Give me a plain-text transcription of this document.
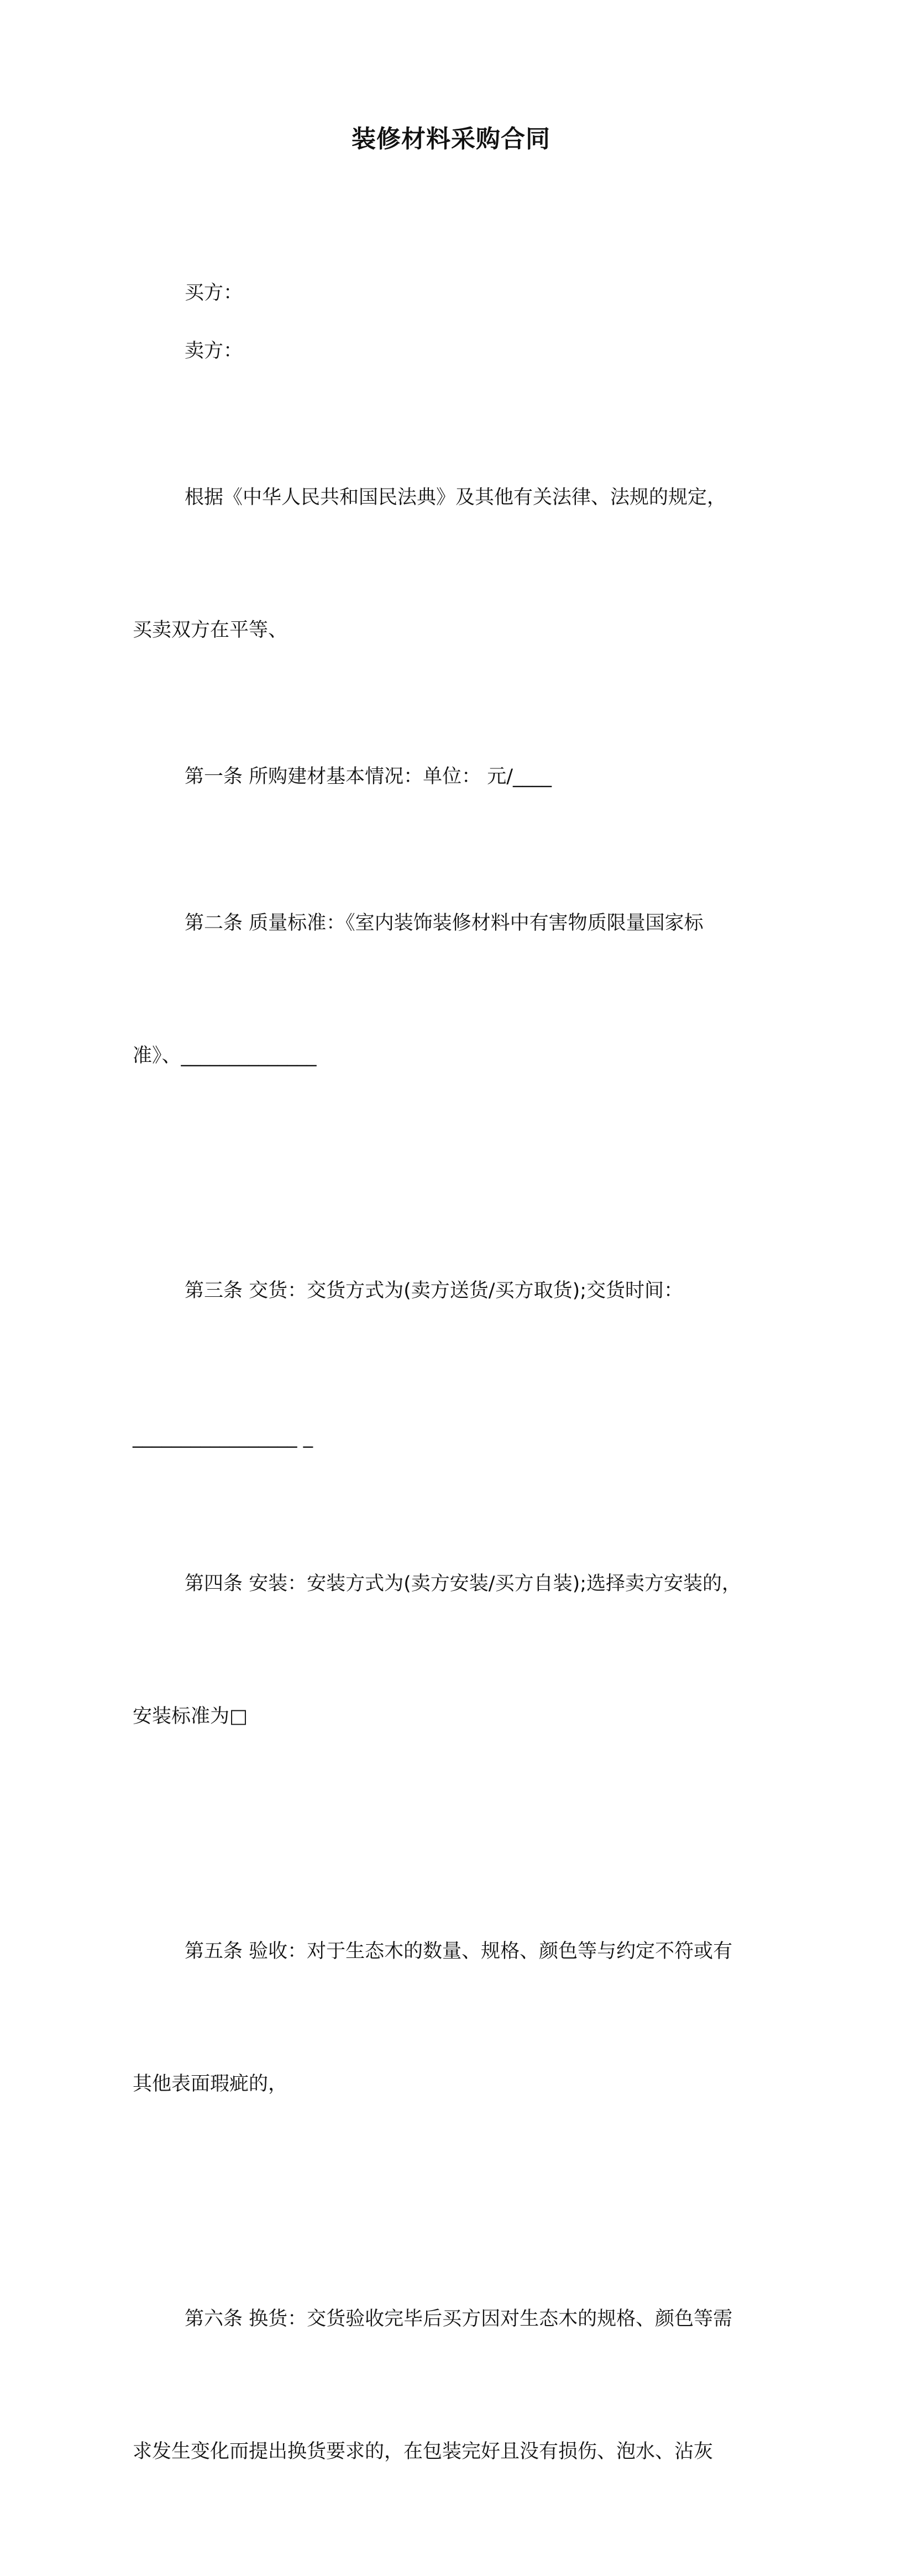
装修材料采购合同

买方：

卖方：

根据《中华人民共和国民法典》及其他有关法律、法规的规定，

买卖双方在平等、

第一条 所购建材基本情况：单位： 元/____

第二条 质量标准：《室内装饰装修材料中有害物质限量国家标

准》、______________

第三条 交货：交货方式为(卖方送货/买方取货);交货时间：

_________________ _

第四条 安装：安装方式为(卖方安装/买方自装);选择卖方安装的，

安装标准为□

第五条 验收：对于生态木的数量、规格、颜色等与约定不符或有

其他表面瑕疵的，

第六条 换货：交货验收完毕后买方因对生态木的规格、颜色等需

求发生变化而提出换货要求的，在包装完好且没有损伤、泡水、沾灰
